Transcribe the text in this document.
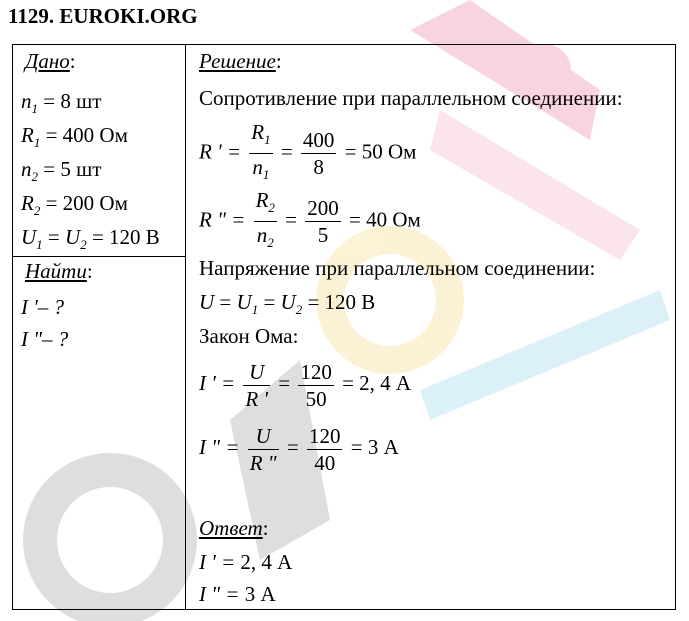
1129. EUROKI.ORG
Дано:
$n_1 = 8$ шт
$R_1 = 400$ Ом
$n_2 = 5$ шт
$R_2 = 200$ Ом
$U_1 = U_2 = 120$ В
Найти:
I '– ?
I "– ?
Решение:
Сопротивление при параллельном соединении:
R ' = $\frac{R_1}{n_1} = \frac{400}{8} = 50$ Ом
R " = $\frac{R_2}{n_2} = \frac{200}{5} = 40$ Ом
Напряжение при параллельном соединении:
$U = U_1 = U_2 = 120$ В
Закон Ома:
I ' = $\frac{U}{R '} = \frac{120}{50} = 2$, 4 А
I " = $\frac{U}{R "} = \frac{120}{40} = 3$ А
Ответ:
I ' = 2, 4 А
I " = 3 А
